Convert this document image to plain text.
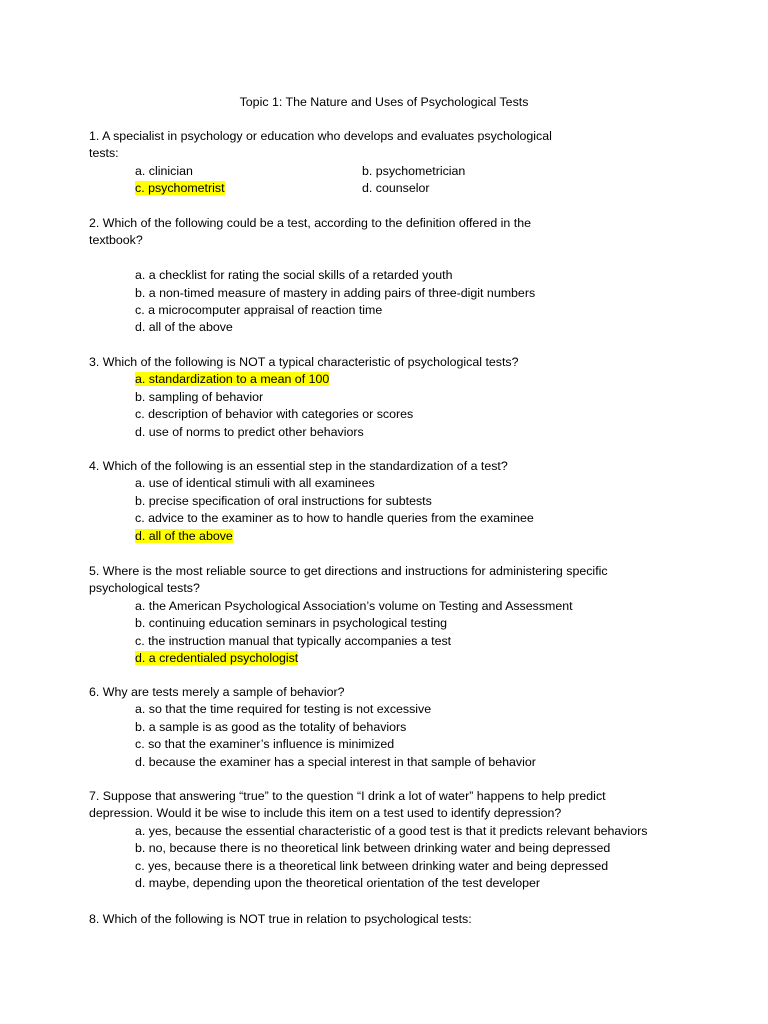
Topic 1: The Nature and Uses of Psychological Tests
1. A specialist in psychology or education who develops and evaluates psychological
tests:
a. clinician	b. psychometrician
c. psychometrist	d. counselor
2. Which of the following could be a test, according to the definition offered in the
textbook?
a. a checklist for rating the social skills of a retarded youth
b. a non-timed measure of mastery in adding pairs of three-digit numbers
c. a microcomputer appraisal of reaction time
d. all of the above
3. Which of the following is NOT a typical characteristic of psychological tests?
a. standardization to a mean of 100
b. sampling of behavior
c. description of behavior with categories or scores
d. use of norms to predict other behaviors
4. Which of the following is an essential step in the standardization of a test?
a. use of identical stimuli with all examinees
b. precise specification of oral instructions for subtests
c. advice to the examiner as to how to handle queries from the examinee
d. all of the above
5. Where is the most reliable source to get directions and instructions for administering specific
psychological tests?
a. the American Psychological Association’s volume on Testing and Assessment
b. continuing education seminars in psychological testing
c. the instruction manual that typically accompanies a test
d. a credentialed psychologist
6. Why are tests merely a sample of behavior?
a. so that the time required for testing is not excessive
b. a sample is as good as the totality of behaviors
c. so that the examiner’s influence is minimized
d. because the examiner has a special interest in that sample of behavior
7. Suppose that answering “true” to the question “I drink a lot of water” happens to help predict
depression. Would it be wise to include this item on a test used to identify depression?
a. yes, because the essential characteristic of a good test is that it predicts relevant behaviors
b. no, because there is no theoretical link between drinking water and being depressed
c. yes, because there is a theoretical link between drinking water and being depressed
d. maybe, depending upon the theoretical orientation of the test developer
8. Which of the following is NOT true in relation to psychological tests:
